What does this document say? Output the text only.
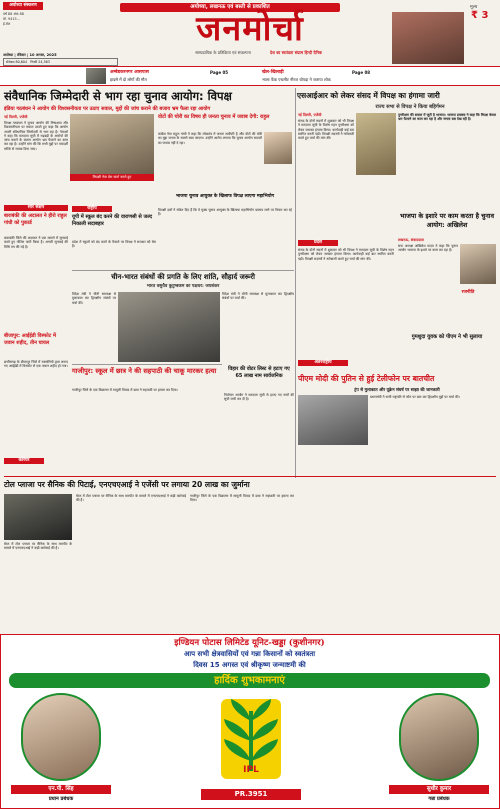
अयोध्या संस्करण
वर्ष 88 अंक 88
मो. 9415...
ई-मेल
अयोध्या, लखनऊ एवं बस्ती से प्रकाशित
जनमोर्चा
अयोध्या | रविवार | 10 अगस्त, 2025	साम्प्रदायिक के प्रतिक्रिया एवं संकल्पना	देश का स्वतंत्रता संग्राम हिन्दी दैनिक
सेंसेक्स 80,604 निफ्टी 24,363
मूल्य
₹ 3
अम्बेडकरनगर आसपास
हादसे में दो लोगों की मौत
Page 05	खेल-खिलाड़ी
भाला फेंक एथलीट नीरज चोपड़ा ने जताया शोक
Page 08
संवैधानिक जिम्मेदारी से भाग रहा चुनाव आयोग: विपक्ष
इंडिया गठबंधन ने आयोग की विश्वसनीयता पर उठाए सवाल, मुद्दों की जांच कराने की बजाय भ्रम फैला रहा आयोग
एसआईआर को लेकर संसद में विपक्ष का हंगामा जारी
राज्य सभा से विपक्ष ने किया बहिर्गमन
नई दिल्ली, एजेंसी
विपक्ष गठबंधन ने चुनाव आयोग की निष्पक्षता और विश्वसनीयता पर सवाल उठाते हुए कहा कि आयोग अपनी संवैधानिक जिम्मेदारी से भाग रहा है। नेताओं ने कहा कि मतदाता सूची में गड़बड़ी के आरोपों की जांच कराने के बजाय आयोग भ्रम फैलाने का काम कर रहा है। उन्होंने मांग की कि सभी मुद्दों पर पारदर्शी तरीके से जवाब दिया जाए।
विपक्षी नेता प्रेस वार्ता करते हुए
वोटों की चोरी का विषय ही जनता चुनाव में जवाब देगी: राहुल
कांग्रेस नेता राहुल गांधी ने कहा कि लोकतंत्र में जनता सर्वोपरि है और वोटों की चोरी का मुद्दा जनता के सामने रखा जाएगा। उन्होंने आरोप लगाया कि चुनाव आयोग सवालों का जवाब नहीं दे रहा।
भाजपा चुनाव आयुक्त के खिलाफ विपक्ष लाएगा महाभियोग
विपक्षी दलों ने संकेत दिए हैं कि वे मुख्य चुनाव आयुक्त के खिलाफ महाभियोग प्रस्ताव लाने पर विचार कर रहे हैं।
नई दिल्ली, एजेंसी
संसद के दोनों सदनों में शुक्रवार को भी विपक्ष ने मतदाता सूची के विशेष गहन पुनरीक्षण को लेकर जमकर हंगामा किया। कार्यवाही कई बार स्थगित करनी पड़ी। विपक्षी सदस्यों ने नारेबाजी करते हुए चर्चा की मांग की।
पुनरीक्षण की सवाल में जुटी है भाजपा: भाजपा प्रवक्ता ने कहा कि विपक्ष केवल भ्रम फैलाने का काम कर रहा है और जनता सब देख रही है।
सार संक्षेप
बाराबंकी की अदालत ने हीरो राहुल गांधी को पुकार्ड
बाराबंकी जिले की अदालत ने एक मामले में सुनवाई करते हुए नोटिस जारी किया है। अगली सुनवाई की तिथि तय की गई है।
बीजापुर: आईईडी विस्फोट में जवान शहीद, तीन घायल
छत्तीसगढ़ के बीजापुर जिले में नक्सलियों द्वारा लगाए गए आईईडी में विस्फोट से एक जवान शहीद हो गया।
राष्ट्रीय
यूपी में स्कूल बंद करने की वाराणसी से जल्द निकाली सदाबहार
प्रदेश में स्कूलों को बंद करने के फैसले पर विपक्ष ने सरकार को घेरा है।
चीन-भारत संबंधों की प्रगति के लिए शांति, सौहार्द जरूरी
भारत वसुधैव कुटुम्बकम का पक्षधर: जयशंकर
विदेश मंत्री ने चीनी समकक्ष से मुलाकात कर द्विपक्षीय संबंधों पर चर्चा की।
विदेश मंत्री ने चीनी समकक्ष से मुलाकात कर द्विपक्षीय संबंधों पर चर्चा की।
गाजीपुर: स्कूल में छात्र ने की सहपाठी की चाकू मारकर हत्या
गाजीपुर जिले के एक विद्यालय में मामूली विवाद में छात्र ने सहपाठी पर हमला कर दिया।
विहार की वोटर लिस्ट से हटाए गए 65 लाख नाम सार्वजनिक
निर्वाचन आयोग ने मतदाता सूची से हटाए गए नामों की सूची जारी कर दी है।
प्रदेश
भाजपा के इशारे पर काम करता है चुनाव आयोग: अखिलेश
लखनऊ, संवाददाता
सपा अध्यक्ष अखिलेश यादव ने कहा कि चुनाव आयोग भाजपा के इशारे पर काम कर रहा है।
संसद के दोनों सदनों में शुक्रवार को भी विपक्ष ने मतदाता सूची के विशेष गहन पुनरीक्षण को लेकर जमकर हंगामा किया। कार्यवाही कई बार स्थगित करनी पड़ी। विपक्षी सदस्यों ने नारेबाजी करते हुए चर्चा की मांग की।
अंतरराष्ट्रीय
पीएम मोदी की पुतिन से हुई टेलीफोन पर बातचीत
ट्रंप से मुलाकात और यूक्रेन संघर्ष पर साझा की जानकारी
प्रधानमंत्री ने रूसी राष्ट्रपति से फोन पर बात कर द्विपक्षीय मुद्दों पर चर्चा की।
करियर
टोल प्लाजा पर सैनिक की पिटाई, एनएचएआई ने एजेंसी पर लगाया 20 लाख का जुर्माना
मेरठ में टोल प्लाजा पर सैनिक के साथ मारपीट के मामले में एनएचएआई ने कड़ी कार्रवाई की है।
मेरठ में टोल प्लाजा पर सैनिक के साथ मारपीट के मामले में एनएचएआई ने कड़ी कार्रवाई की है।
गाजीपुर जिले के एक विद्यालय में मामूली विवाद में छात्र ने सहपाठी पर हमला कर दिया।
रजनीति
गुमशुदा युवक को पीएम ने भी सुलाया
इण्डियन पोटास लिमिटेड यूनिट-खड्डा (कुशीनगर)
आप सभी क्षेत्रवासियों एवं गन्ना किसानों को स्वतंत्रता
दिवस 15 अगस्त एवं श्रीकृष्ण जन्माष्टमी की
हार्दिक शुभकामनाएं
एन.पी. सिंह
प्रधान प्रबंधक
IPL
PR.3951
सुधीर कुमार
गन्ना प्रबंधक
